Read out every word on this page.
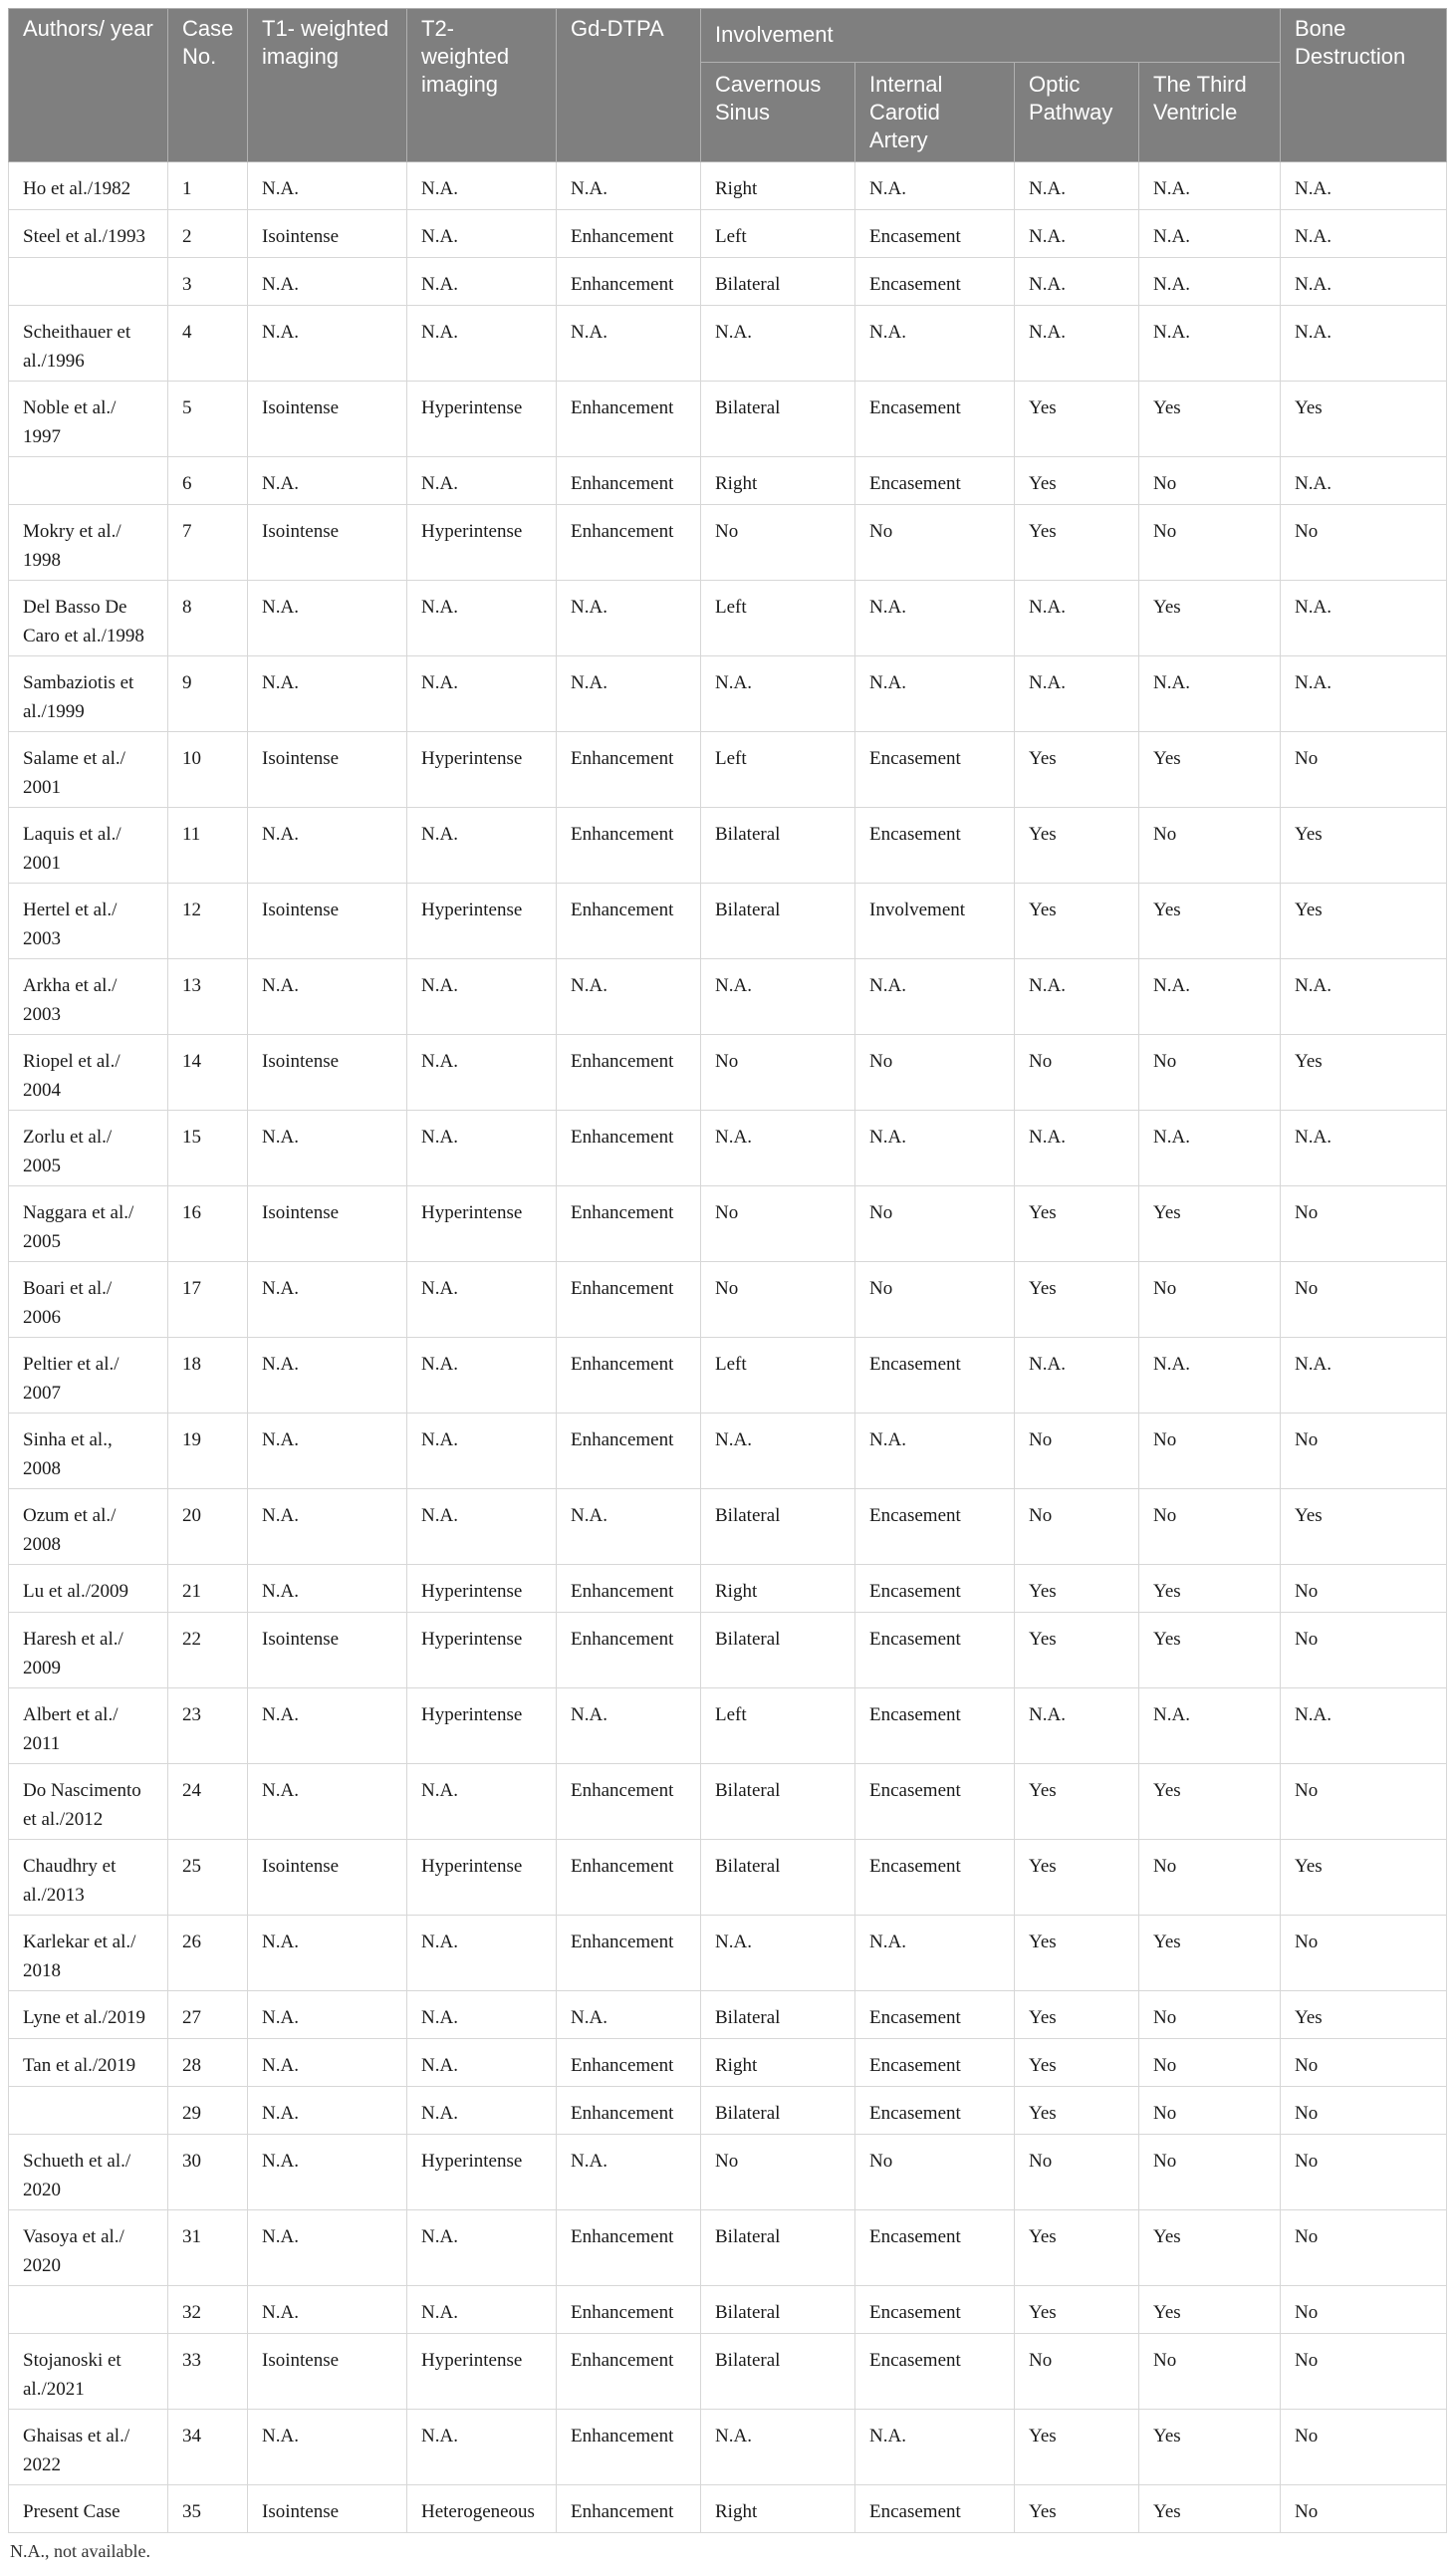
Authors/ year	Case No.	T1- weighted imaging	T2- weighted imaging	Gd-DTPA	Involvement				Bone Destruction
					Cavernous Sinus	Internal Carotid Artery	Optic Pathway	The Third Ventricle	
Ho et al./1982	1	N.A.	N.A.	N.A.	Right	N.A.	N.A.	N.A.	N.A.
Steel et al./1993	2	Isointense	N.A.	Enhancement	Left	Encasement	N.A.	N.A.	N.A.
	3	N.A.	N.A.	Enhancement	Bilateral	Encasement	N.A.	N.A.	N.A.
Scheithauer et al./1996	4	N.A.	N.A.	N.A.	N.A.	N.A.	N.A.	N.A.	N.A.
Noble et al./ 1997	5	Isointense	Hyperintense	Enhancement	Bilateral	Encasement	Yes	Yes	Yes
	6	N.A.	N.A.	Enhancement	Right	Encasement	Yes	No	N.A.
Mokry et al./ 1998	7	Isointense	Hyperintense	Enhancement	No	No	Yes	No	No
Del Basso De Caro et al./1998	8	N.A.	N.A.	N.A.	Left	N.A.	N.A.	Yes	N.A.
Sambaziotis et al./1999	9	N.A.	N.A.	N.A.	N.A.	N.A.	N.A.	N.A.	N.A.
Salame et al./ 2001	10	Isointense	Hyperintense	Enhancement	Left	Encasement	Yes	Yes	No
Laquis et al./ 2001	11	N.A.	N.A.	Enhancement	Bilateral	Encasement	Yes	No	Yes
Hertel et al./ 2003	12	Isointense	Hyperintense	Enhancement	Bilateral	Involvement	Yes	Yes	Yes
Arkha et al./ 2003	13	N.A.	N.A.	N.A.	N.A.	N.A.	N.A.	N.A.	N.A.
Riopel et al./ 2004	14	Isointense	N.A.	Enhancement	No	No	No	No	Yes
Zorlu et al./ 2005	15	N.A.	N.A.	Enhancement	N.A.	N.A.	N.A.	N.A.	N.A.
Naggara et al./ 2005	16	Isointense	Hyperintense	Enhancement	No	No	Yes	Yes	No
Boari et al./ 2006	17	N.A.	N.A.	Enhancement	No	No	Yes	No	No
Peltier et al./ 2007	18	N.A.	N.A.	Enhancement	Left	Encasement	N.A.	N.A.	N.A.
Sinha et al., 2008	19	N.A.	N.A.	Enhancement	N.A.	N.A.	No	No	No
Ozum et al./ 2008	20	N.A.	N.A.	N.A.	Bilateral	Encasement	No	No	Yes
Lu et al./2009	21	N.A.	Hyperintense	Enhancement	Right	Encasement	Yes	Yes	No
Haresh et al./ 2009	22	Isointense	Hyperintense	Enhancement	Bilateral	Encasement	Yes	Yes	No
Albert et al./ 2011	23	N.A.	Hyperintense	N.A.	Left	Encasement	N.A.	N.A.	N.A.
Do Nascimento et al./2012	24	N.A.	N.A.	Enhancement	Bilateral	Encasement	Yes	Yes	No
Chaudhry et al./2013	25	Isointense	Hyperintense	Enhancement	Bilateral	Encasement	Yes	No	Yes
Karlekar et al./ 2018	26	N.A.	N.A.	Enhancement	N.A.	N.A.	Yes	Yes	No
Lyne et al./2019	27	N.A.	N.A.	N.A.	Bilateral	Encasement	Yes	No	Yes
Tan et al./2019	28	N.A.	N.A.	Enhancement	Right	Encasement	Yes	No	No
	29	N.A.	N.A.	Enhancement	Bilateral	Encasement	Yes	No	No
Schueth et al./ 2020	30	N.A.	Hyperintense	N.A.	No	No	No	No	No
Vasoya et al./ 2020	31	N.A.	N.A.	Enhancement	Bilateral	Encasement	Yes	Yes	No
	32	N.A.	N.A.	Enhancement	Bilateral	Encasement	Yes	Yes	No
Stojanoski et al./2021	33	Isointense	Hyperintense	Enhancement	Bilateral	Encasement	No	No	No
Ghaisas et al./ 2022	34	N.A.	N.A.	Enhancement	N.A.	N.A.	Yes	Yes	No
Present Case	35	Isointense	Heterogeneous	Enhancement	Right	Encasement	Yes	Yes	No
N.A., not available.
